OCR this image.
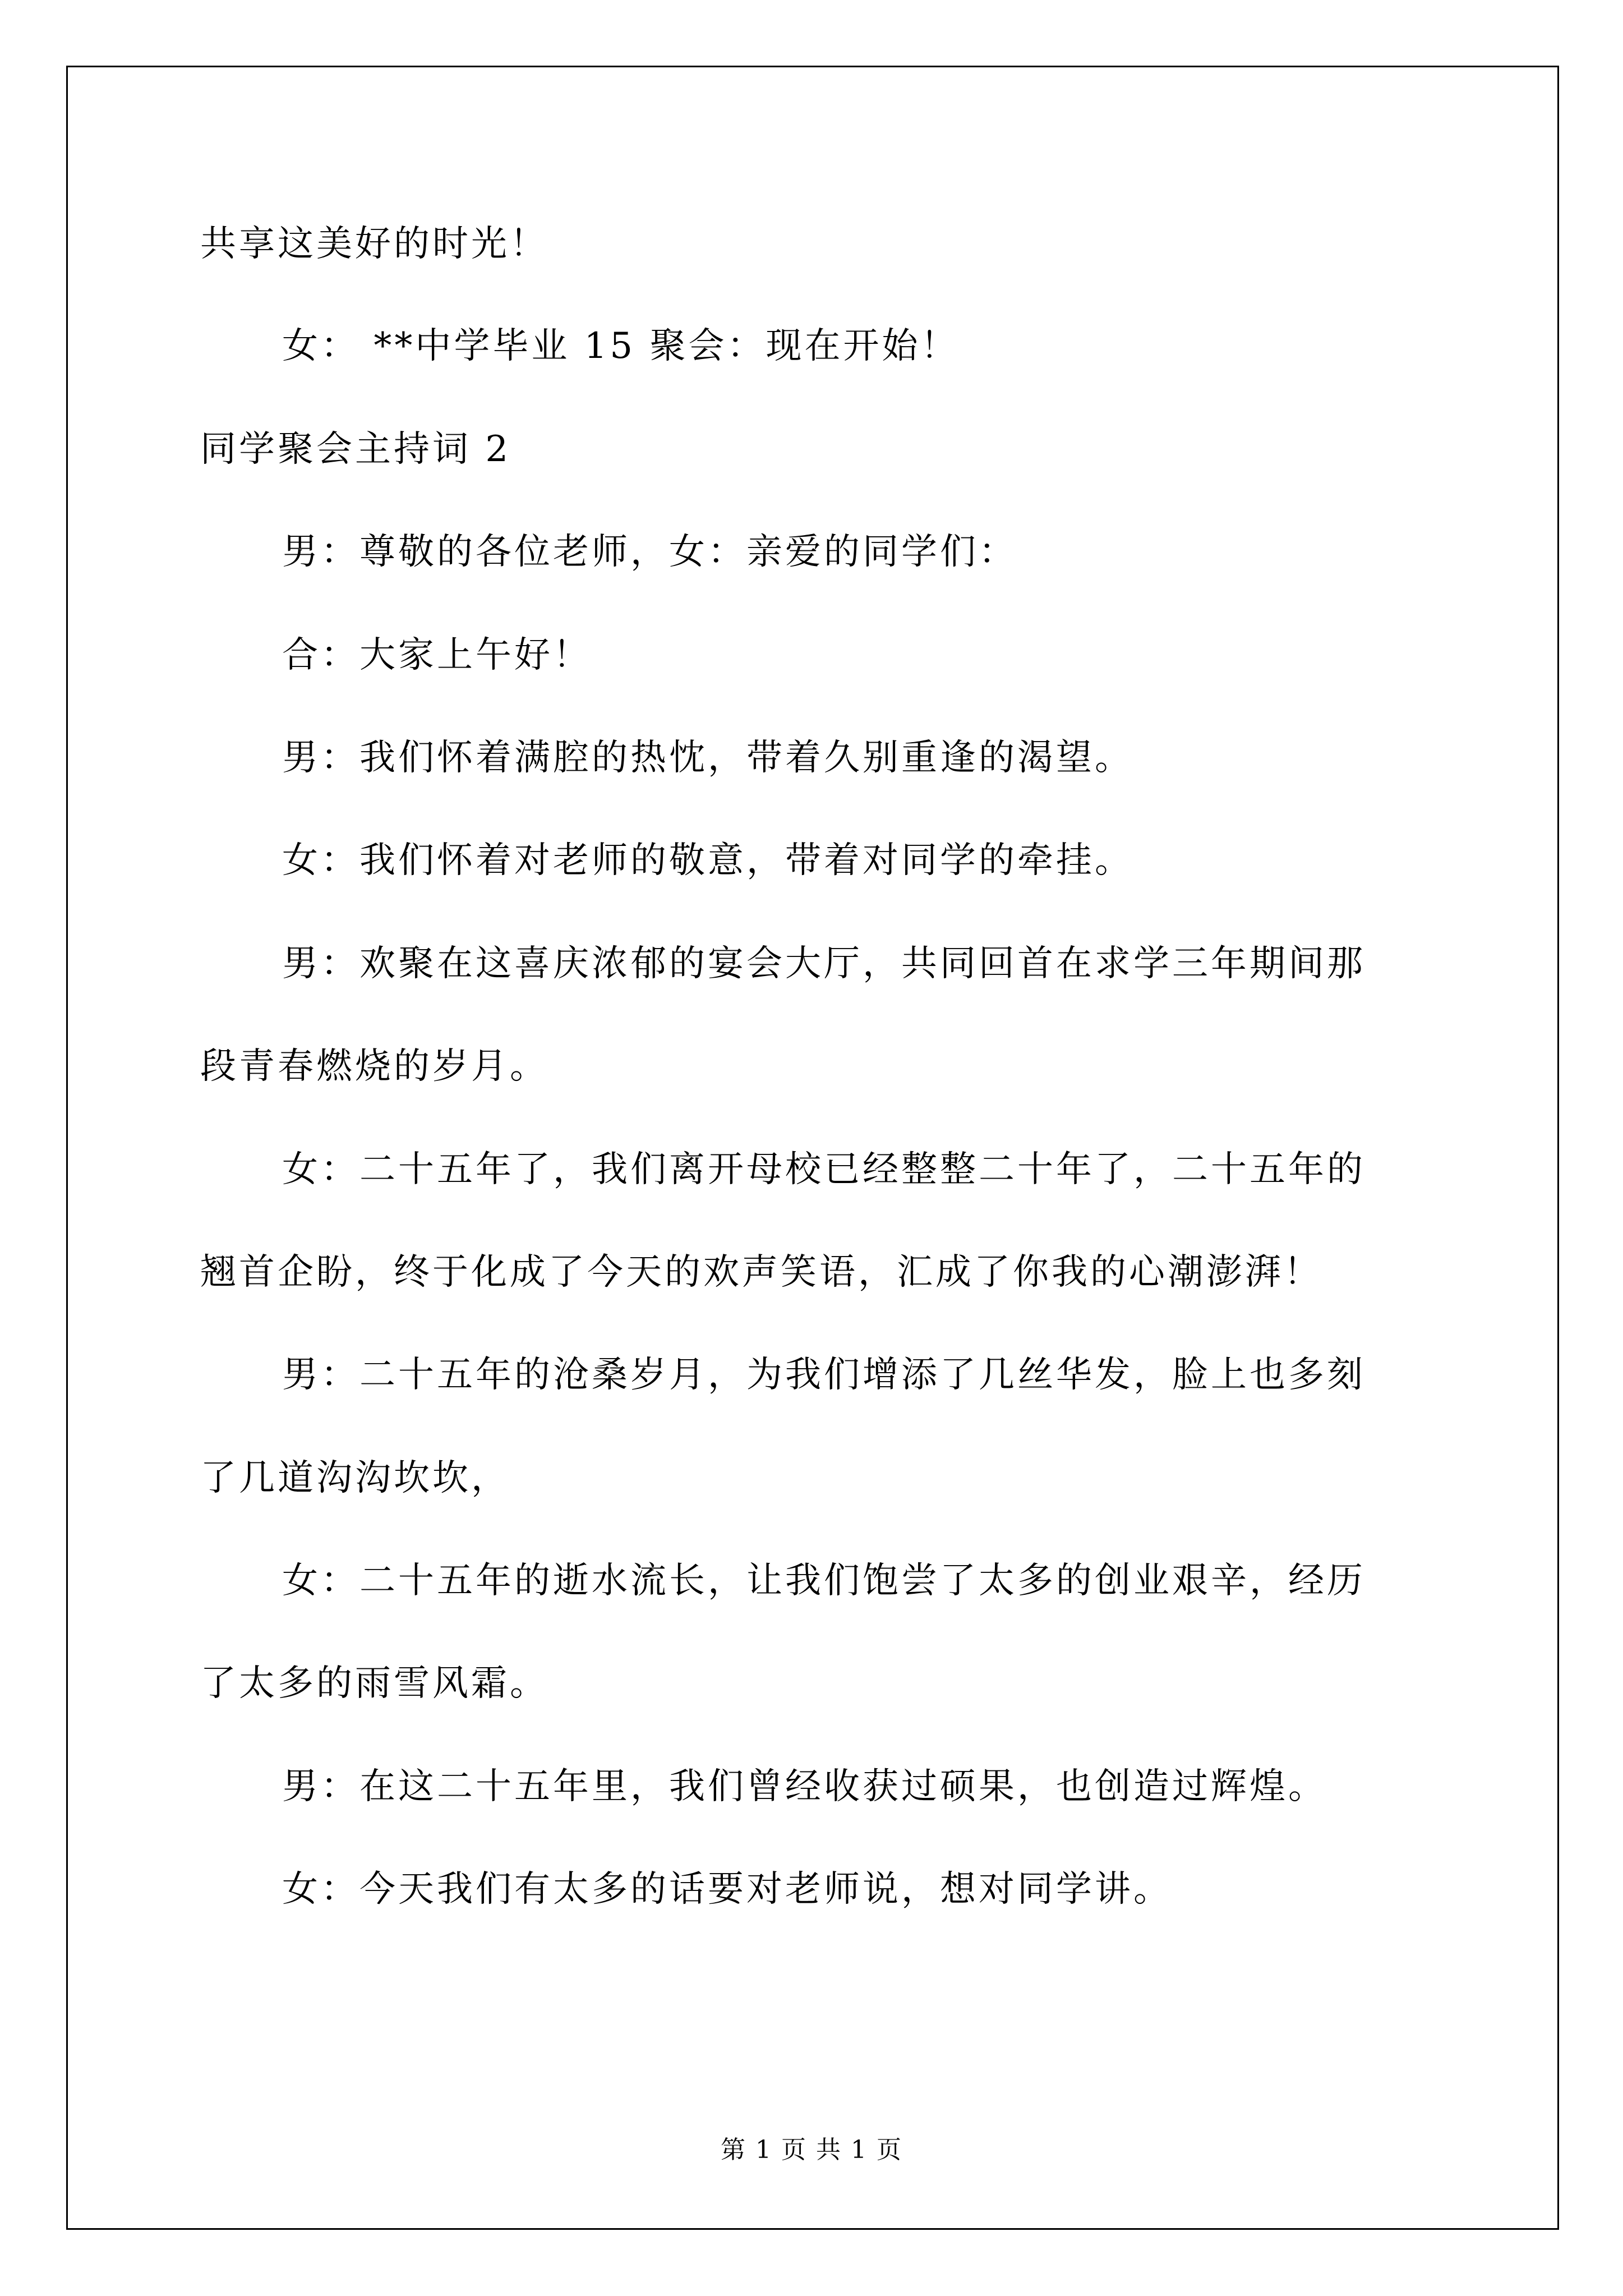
共享这美好的时光！
女： **中学毕业 15 聚会：现在开始！
同学聚会主持词 2
男：尊敬的各位老师，女：亲爱的同学们：
合：大家上午好！
男：我们怀着满腔的热忱，带着久别重逢的渴望。
女：我们怀着对老师的敬意，带着对同学的牵挂。
男：欢聚在这喜庆浓郁的宴会大厅，共同回首在求学三年期间那
段青春燃烧的岁月。
女：二十五年了，我们离开母校已经整整二十年了，二十五年的
翘首企盼，终于化成了今天的欢声笑语，汇成了你我的心潮澎湃！
男：二十五年的沧桑岁月，为我们增添了几丝华发，脸上也多刻
了几道沟沟坎坎，
女：二十五年的逝水流长，让我们饱尝了太多的创业艰辛，经历
了太多的雨雪风霜。
男：在这二十五年里，我们曾经收获过硕果，也创造过辉煌。
女：今天我们有太多的话要对老师说，想对同学讲。
第 1 页 共 1 页
